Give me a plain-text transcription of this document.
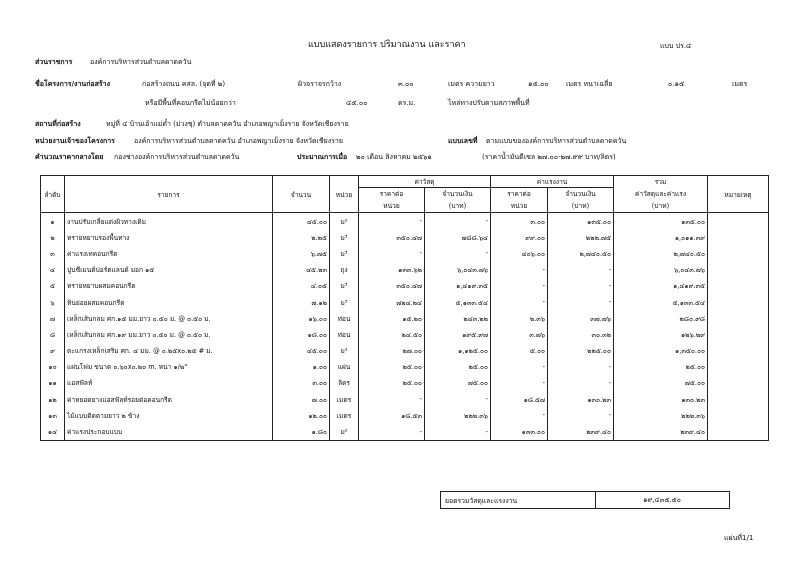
แบบแสดงรายการ ปริมาณงาน และราคา	แบบ ปร.๔
ส่วนราชการ	องค์การบริหารส่วนตำบลดาดควัน
ชื่อโครงการ/งานก่อสร้าง	ก่อสร้างถนน คสล. (จุดที่ ๒)	ผิวจราจรกว้าง	๓.๐๐	เมตร ความยาว	๑๕.๐๐ เมตร หนาเฉลี่ย	๐.๑๕	เมตร
หรือมีพื้นที่คอนกรีตไม่น้อยกว่า	๔๕.๐๐	ตร.ม.	ไหล่ทางปรับตามสภาพพื้นที่
สถานที่ก่อสร้าง	หมู่ที่ ๔ บ้านเอ้าแม่ต๋ำ (ม่วงชุ) ตำบลดาดควัน อำเภอพญาเม็งราย จังหวัดเชียงราย
หน่วยงานเจ้าของโครงการ	องค์การบริหารส่วนตำบลดาดควัน อำเภอพญาเม็งราย จังหวัดเชียงราย	แบบเลขที่ ตามแบบขององค์การบริหารส่วนตำบลดาดควัน
คำนวณราคากลางโดย กองช่างองค์การบริหารส่วนตำบลดาดควัน	ประมาณการเมื่อ ๒๐ เดือน สิงหาคม ๒๕๖๑	(ราคาน้ำมันดีเซล ๒๗.๐๐-๒๗.๙๙ บาท/ลิตร)
ลำดับ	รายการ	จำนวน	หน่วย	ค่าวัสดุ		ค่าแรงงาน		รวม	หมายเหตุ
				ราคาต่อ	จำนวนเงิน	ราคาต่อ	จำนวนเงิน	ค่าวัสดุและค่าแรง	
				หน่วย	(บาท)	หน่วย	(บาท)	(บาท)	
๑	งานปรับเกลี่ยแต่งผิวทางเดิม	๔๕.๐๐	ม²	-	-	๓.๐๐	๑๓๕.๐๐	๑๓๕.๐๐	
๒	ทรายหยาบรองพื้นทาง	๒.๒๕	ม³	๓๕๐.๔๗	๗๘๘.๖๔	๙๙.๐๐	๒๒๒.๗๕	๑,๐๑๑.๓๙	
๓	ค่าแรงเทคอนกรีต	๖.๗๕	ม³	-	-	๔๐๖.๐๐	๒,๗๔๐.๕๐	๒,๗๔๐.๕๐	
๔	ปูนซีเมนต์ปอร์ตแลนด์ มอก ๑๕	๔๕.๒๓	ถุง	๑๓๓.๖๒	๖,๐๔๓.๗๖	-	-	๖,๐๔๓.๗๖	
๕	ทรายหยาบผสมคอนกรีต	๔.๐๕	ม³	๓๕๐.๔๗	๑,๔๑๙.๓๕	-	-	๑,๔๑๙.๓๕	
๖	หินย่อยผสมคอนกรีต	๗.๑๒	ม³	๗๒๔.๒๔	๕,๑๓๓.๕๔	-	-	๕,๑๓๓.๕๔	
๗	เหล็กเส้นกลม ศก.๑๕ มม.ยาว ๐.๕๐ ม. @ ๐.๕๐ ม.	๑๖.๐๐	ท่อน	๑๕.๒๐	๒๔๓.๒๒	๒.๓๖	๓๗.๗๖	๒๘๐.๙๘	
๘	เหล็กเส้นกลม ศก.๑๙ มม.ยาว ๐.๕๐ ม. @ ๐.๕๐ ม.	๑๘.๐๐	ท่อน	๒๔.๕๐	๑๙๕.๙๗	๓.๗๖	๓๐.๓๒	๑๒๖.๒๙	
๙	ตะแกรงเหล็กเสริม ศก. ๔ มม. @ ๐.๒๕x๐.๒๕ # ม.	๔๕.๐๐	ม²	๒๗.๐๐	๑,๑๒๕.๐๐	๕.๐๐	๒๒๕.๐๐	๑,๓๕๐.๐๐	
๑๐	แผ่นโฟม ขนาด ๐.๖๐x๐.๒๐ m. หนา ๑/๒"	๑.๐๐	แผ่น	๒๕.๐๐	๒๕.๐๐	-	-	๒๕.๐๐	
๑๑	แอสฟัลท์	๓.๐๐	ลิตร	๒๕.๐๐	๗๕.๐๐	-	-	๗๕.๐๐	
๑๒	ค่าหยอดยางแอสฟัลท์รอยต่อคอนกรีต	๗.๐๐	เมตร	-	-	๑๘.๕๗	๑๓๐.๒๓	๑๓๐.๒๓	
๑๓	ไม้แบบติดตามยาว ๒ ข้าง	๑๒.๐๐	เมตร	๑๘.๕๓	๒๒๒.๓๖	-	-	๒๒๒.๓๖	
๑๔	ค่าแรงประกอบแบบ	๑.๘๐	ม²	-	-	๑๓๓.๐๐	๒๓๙.๔๐	๒๓๙.๔๐	
ยอดรวมวัสดุและแรงงาน	๑๙,๔๓๕.๕๐
แผ่นที่1/1
